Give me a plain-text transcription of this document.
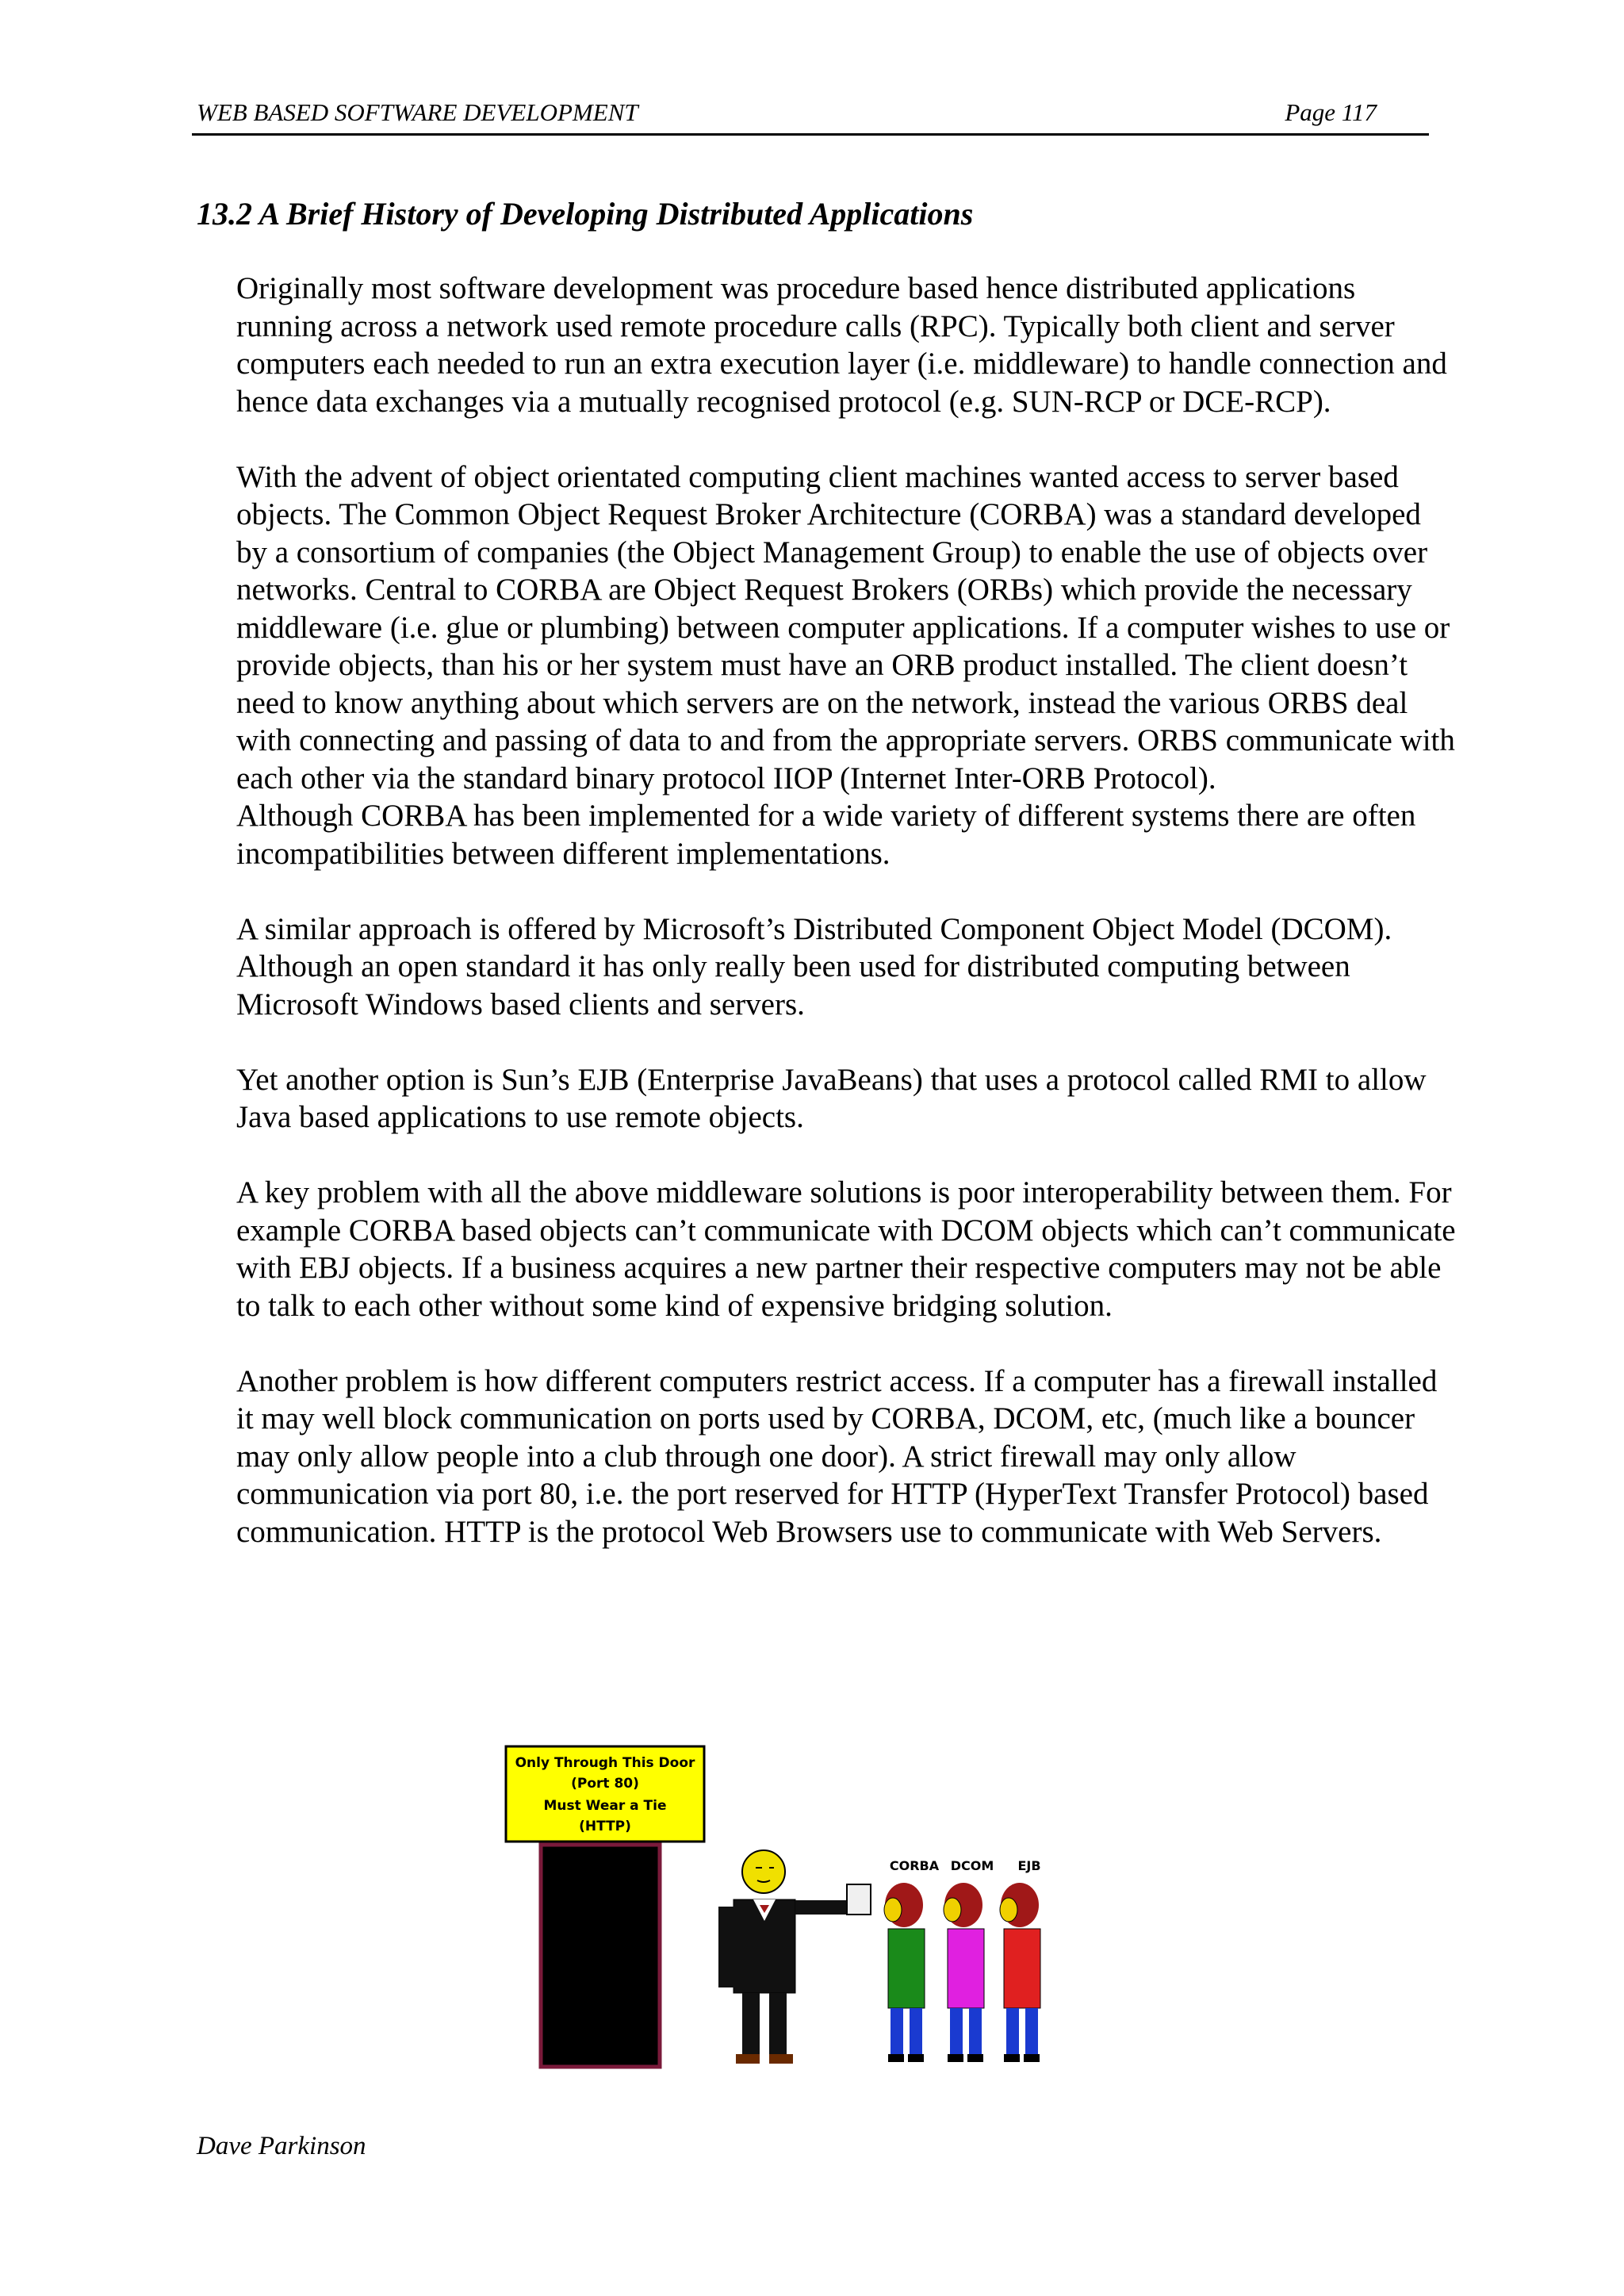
WEB BASED SOFTWARE DEVELOPMENT	Page 117
13.2 A Brief History of Developing Distributed Applications

Originally most software development was procedure based hence distributed applications running across a network used remote procedure calls (RPC). Typically both client and server computers each needed to run an extra execution layer (i.e. middleware) to handle connection and hence data exchanges via a mutually recognised protocol (e.g. SUN-RCP or DCE-RCP).

With the advent of object orientated computing client machines wanted access to server based objects. The Common Object Request Broker Architecture (CORBA) was a standard developed by a consortium of companies (the Object Management Group) to enable the use of objects over networks. Central to CORBA are Object Request Brokers (ORBs) which provide the necessary middleware (i.e. glue or plumbing) between computer applications. If a computer wishes to use or provide objects, than his or her system must have an ORB product installed. The client doesn’t need to know anything about which servers are on the network, instead the various ORBS deal with connecting and passing of data to and from the appropriate servers. ORBS communicate with each other via the standard binary protocol IIOP (Internet Inter-ORB Protocol).

Although CORBA has been implemented for a wide variety of different systems there are often incompatibilities between different implementations.

A similar approach is offered by Microsoft’s Distributed Component Object Model (DCOM). Although an open standard it has only really been used for distributed computing between Microsoft Windows based clients and servers.

Yet another option is Sun’s EJB (Enterprise JavaBeans) that uses a protocol called RMI to allow Java based applications to use remote objects.

A key problem with all the above middleware solutions is poor interoperability between them. For example CORBA based objects can’t communicate with DCOM objects which can’t communicate with EBJ objects. If a business acquires a new partner their respective computers may not be able to talk to each other without some kind of expensive bridging solution.

Another problem is how different computers restrict access. If a computer has a firewall installed it may well block communication on ports used by CORBA, DCOM, etc, (much like a bouncer may only allow people into a club through one door). A strict firewall may only allow communication via port 80, i.e. the port reserved for HTTP (HyperText Transfer Protocol) based communication. HTTP is the protocol Web Browsers use to communicate with Web Servers.

Only Through This Door
(Port 80)
Must Wear a Tie
(HTTP)
CORBA DCOM EJB
Dave Parkinson
